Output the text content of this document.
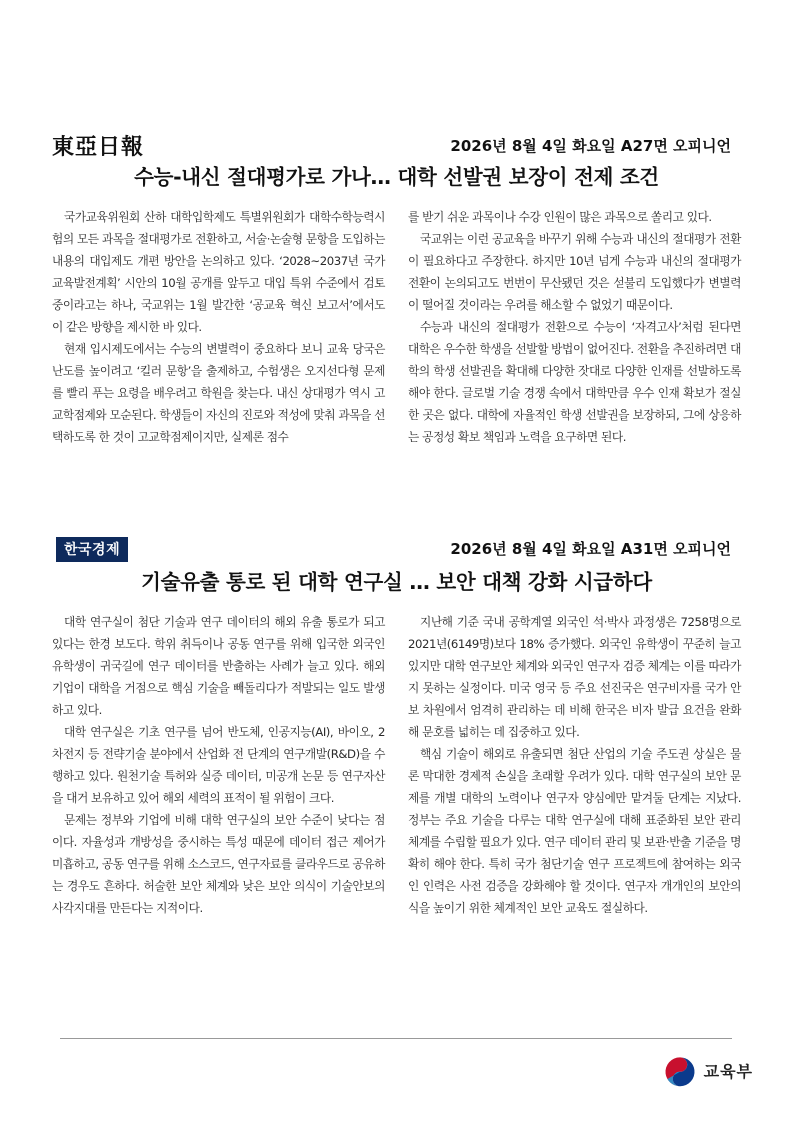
東亞日報	2026년 8월 4일 화요일 A27면 오피니언
수능-내신 절대평가로 가나… 대학 선발권 보장이 전제 조건

국가교육위원회 산하 대학입학제도 특별위원회가 대학수학능력시험의 모든 과목을 절대평가로 전환하고, 서술·논술형 문항을 도입하는 내용의 대입제도 개편 방안을 논의하고 있다. ‘2028∼2037년 국가교육발전계획’ 시안의 10월 공개를 앞두고 대입 특위 수준에서 검토 중이라고는 하나, 국교위는 1월 발간한 ‘공교육 혁신 보고서’에서도 이 같은 방향을 제시한 바 있다.

현재 입시제도에서는 수능의 변별력이 중요하다 보니 교육 당국은 난도를 높이려고 ‘킬러 문항’을 출제하고, 수험생은 오지선다형 문제를 빨리 푸는 요령을 배우려고 학원을 찾는다. 내신 상대평가 역시 고교학점제와 모순된다. 학생들이 자신의 진로와 적성에 맞춰 과목을 선택하도록 한 것이 고교학점제이지만, 실제론 점수

를 받기 쉬운 과목이나 수강 인원이 많은 과목으로 쏠리고 있다.

국교위는 이런 공교육을 바꾸기 위해 수능과 내신의 절대평가 전환이 필요하다고 주장한다. 하지만 10년 넘게 수능과 내신의 절대평가 전환이 논의되고도 번번이 무산됐던 것은 섣불리 도입했다가 변별력이 떨어질 것이라는 우려를 해소할 수 없었기 때문이다.

수능과 내신의 절대평가 전환으로 수능이 ‘자격고사’처럼 된다면 대학은 우수한 학생을 선발할 방법이 없어진다. 전환을 추진하려면 대학의 학생 선발권을 확대해 다양한 잣대로 다양한 인재를 선발하도록 해야 한다. 글로벌 기술 경쟁 속에서 대학만큼 우수 인재 확보가 절실한 곳은 없다. 대학에 자율적인 학생 선발권을 보장하되, 그에 상응하는 공정성 확보 책임과 노력을 요구하면 된다.

한국경제	2026년 8월 4일 화요일 A31면 오피니언
기술유출 통로 된 대학 연구실 … 보안 대책 강화 시급하다

대학 연구실이 첨단 기술과 연구 데이터의 해외 유출 통로가 되고 있다는 한경 보도다. 학위 취득이나 공동 연구를 위해 입국한 외국인 유학생이 귀국길에 연구 데이터를 반출하는 사례가 늘고 있다. 해외 기업이 대학을 거점으로 핵심 기술을 빼돌리다가 적발되는 일도 발생하고 있다.

대학 연구실은 기초 연구를 넘어 반도체, 인공지능(AI), 바이오, 2차전지 등 전략기술 분야에서 산업화 전 단계의 연구개발(R&D)을 수행하고 있다. 원천기술 특허와 실증 데이터, 미공개 논문 등 연구자산을 대거 보유하고 있어 해외 세력의 표적이 될 위험이 크다.

문제는 정부와 기업에 비해 대학 연구실의 보안 수준이 낮다는 점이다. 자율성과 개방성을 중시하는 특성 때문에 데이터 접근 제어가 미흡하고, 공동 연구를 위해 소스코드, 연구자료를 클라우드로 공유하는 경우도 흔하다. 허술한 보안 체계와 낮은 보안 의식이 기술안보의 사각지대를 만든다는 지적이다.

지난해 기준 국내 공학계열 외국인 석·박사 과정생은 7258명으로 2021년(6149명)보다 18% 증가했다. 외국인 유학생이 꾸준히 늘고 있지만 대학 연구보안 체계와 외국인 연구자 검증 체계는 이를 따라가지 못하는 실정이다. 미국 영국 등 주요 선진국은 연구비자를 국가 안보 차원에서 엄격히 관리하는 데 비해 한국은 비자 발급 요건을 완화해 문호를 넓히는 데 집중하고 있다.

핵심 기술이 해외로 유출되면 첨단 산업의 기술 주도권 상실은 물론 막대한 경제적 손실을 초래할 우려가 있다. 대학 연구실의 보안 문제를 개별 대학의 노력이나 연구자 양심에만 맡겨둘 단계는 지났다. 정부는 주요 기술을 다루는 대학 연구실에 대해 표준화된 보안 관리 체계를 수립할 필요가 있다. 연구 데이터 관리 및 보관·반출 기준을 명확히 해야 한다. 특히 국가 첨단기술 연구 프로젝트에 참여하는 외국인 인력은 사전 검증을 강화해야 할 것이다. 연구자 개개인의 보안의식을 높이기 위한 체계적인 보안 교육도 절실하다.

교육부
